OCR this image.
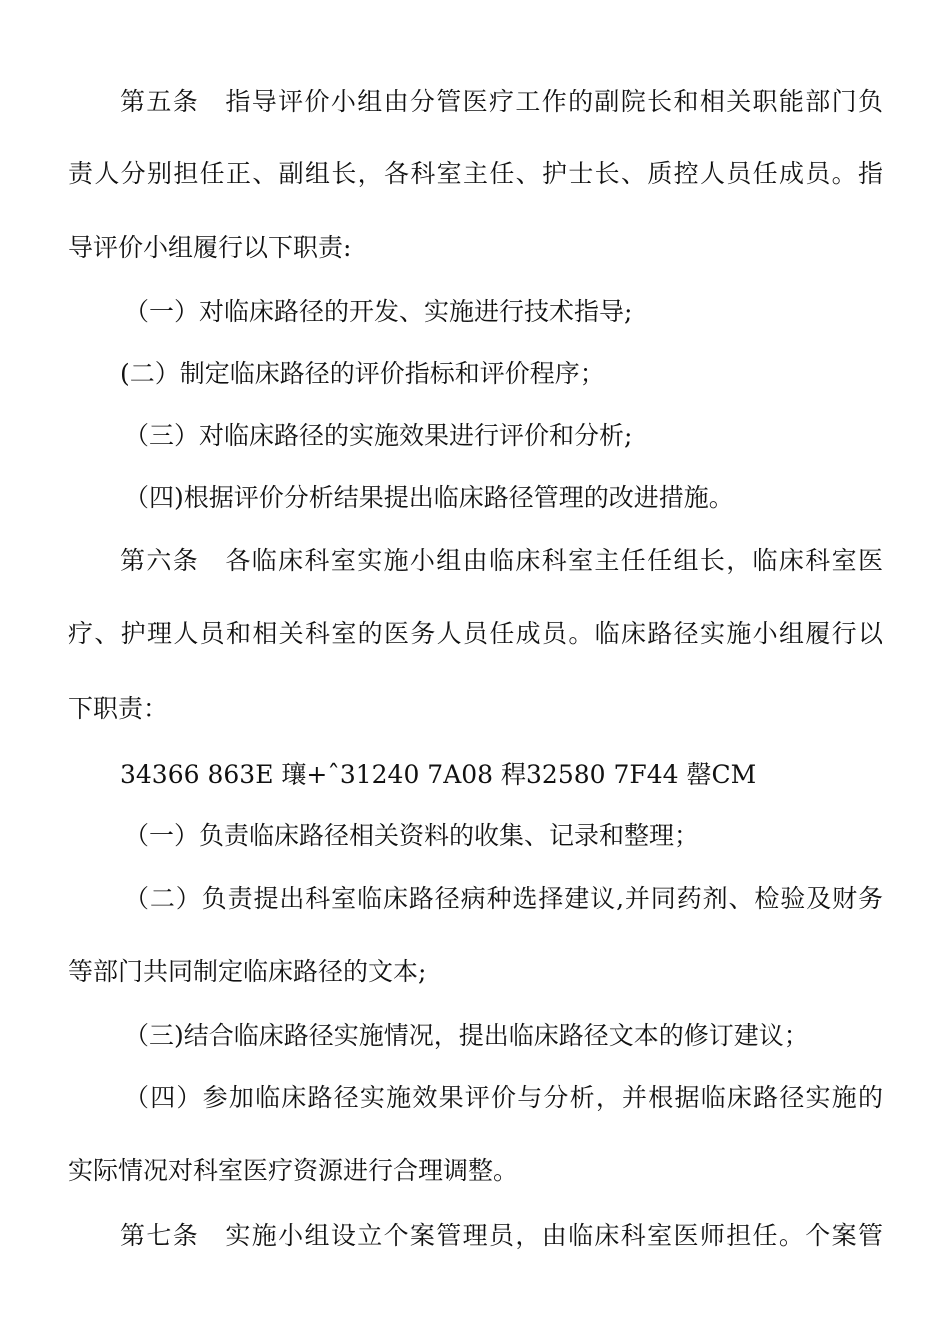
第五条　指导评价小组由分管医疗工作的副院长和相关职能部门负
责人分别担任正、副组长，各科室主任、护士长、质控人员任成员。指
导评价小组履行以下职责:
（一）对临床路径的开发、实施进行技术指导;
(二）制定临床路径的评价指标和评价程序；
（三）对临床路径的实施效果进行评价和分析;
（四)根据评价分析结果提出临床路径管理的改进措施。
第六条　各临床科室实施小组由临床科室主任任组长，临床科室医
疗、护理人员和相关科室的医务人员任成员。临床路径实施小组履行以
下职责：
34366 863E 瓖+ˆ31240 7A08 稈32580 7F44 罄CM
（一）负责临床路径相关资料的收集、记录和整理；
（二）负责提出科室临床路径病种选择建议,并同药剂、检验及财务
等部门共同制定临床路径的文本;
（三)结合临床路径实施情况，提出临床路径文本的修订建议；
（四）参加临床路径实施效果评价与分析，并根据临床路径实施的
实际情况对科室医疗资源进行合理调整。
第七条　实施小组设立个案管理员，由临床科室医师担任。个案管
